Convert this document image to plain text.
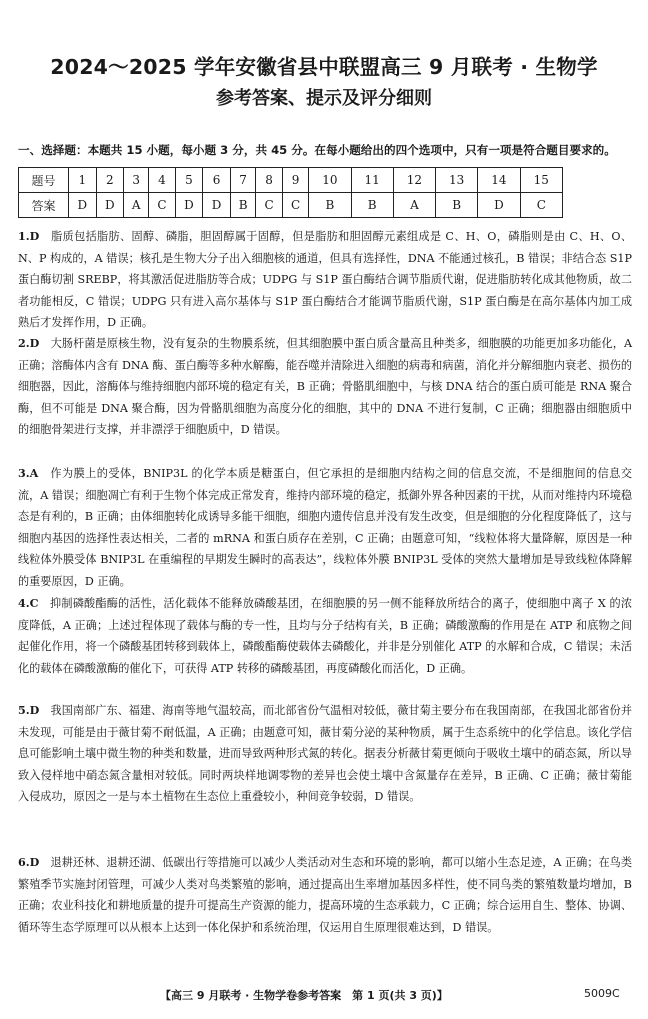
2024～2025 学年安徽省县中联盟高三 9 月联考 · 生物学
参考答案、提示及评分细则
一、选择题：本题共 15 小题，每小题 3 分，共 45 分。在每小题给出的四个选项中，只有一项是符合题目要求的。
题号	1	2	3	4	5	6	7	8	9	10	11	12	13	14	15
答案	D	D	A	C	D	D	B	C	C	B	B	A	B	D	C
1.D　 脂质包括脂肪、固醇、磷脂，胆固醇属于固醇，但是脂肪和胆固醇元素组成是 C、H、O，磷脂则是由 C、H、O、N、P 构成的，A 错误；核孔是生物大分子出入细胞核的通道，但具有选择性，DNA 不能通过核孔，B 错误；非结合态 S1P 蛋白酶切割 SREBP，将其激活促进脂肪等合成；UDPG 与 S1P 蛋白酶结合调节脂质代谢，促进脂肪转化成其他物质，故二者功能相反，C 错误；UDPG 只有进入高尔基体与 S1P 蛋白酶结合才能调节脂质代谢，S1P 蛋白酶是在高尔基体内加工成熟后才发挥作用，D 正确。
2.D　 大肠杆菌是原核生物，没有复杂的生物膜系统，但其细胞膜中蛋白质含量高且种类多，细胞膜的功能更加多功能化，A 正确；溶酶体内含有 DNA 酶、蛋白酶等多种水解酶，能吞噬并清除进入细胞的病毒和病菌，消化并分解细胞内衰老、损伤的细胞器，因此，溶酶体与维持细胞内部环境的稳定有关，B 正确；骨骼肌细胞中，与核 DNA 结合的蛋白质可能是 RNA 聚合酶，但不可能是 DNA 聚合酶，因为骨骼肌细胞为高度分化的细胞，其中的 DNA 不进行复制，C 正确；细胞器由细胞质中的细胞骨架进行支撑，并非漂浮于细胞质中，D 错误。
3.A　 作为膜上的受体，BNIP3L 的化学本质是糖蛋白，但它承担的是细胞内结构之间的信息交流，不是细胞间的信息交流，A 错误；细胞凋亡有利于生物个体完成正常发育，维持内部环境的稳定，抵御外界各种因素的干扰，从而对维持内环境稳态是有利的，B 正确；由体细胞转化成诱导多能干细胞，细胞内遗传信息并没有发生改变，但是细胞的分化程度降低了，这与细胞内基因的选择性表达相关，二者的 mRNA 和蛋白质存在差别，C 正确；由题意可知，“线粒体将大量降解，原因是一种线粒体外膜受体 BNIP3L 在重编程的早期发生瞬时的高表达”，线粒体外膜 BNIP3L 受体的突然大量增加是导致线粒体降解的重要原因，D 正确。
4.C　 抑制磷酸酯酶的活性，活化载体不能释放磷酸基团，在细胞膜的另一侧不能释放所结合的离子，使细胞中离子 X 的浓度降低，A 正确；上述过程体现了载体与酶的专一性，且均与分子结构有关，B 正确；磷酸激酶的作用是在 ATP 和底物之间起催化作用，将一个磷酸基团转移到载体上，磷酸酯酶使载体去磷酸化，并非是分别催化 ATP 的水解和合成，C 错误；未活化的载体在磷酸激酶的催化下，可获得 ATP 转移的磷酸基团，再度磷酸化而活化，D 正确。
5.D　 我国南部广东、福建、海南等地气温较高，而北部省份气温相对较低，薇甘菊主要分布在我国南部，在我国北部省份并未发现，可能是由于薇甘菊不耐低温，A 正确；由题意可知，薇甘菊分泌的某种物质，属于生态系统中的化学信息。该化学信息可能影响土壤中微生物的种类和数量，进而导致两种形式氮的转化。据表分析薇甘菊更倾向于吸收土壤中的硝态氮，所以导致入侵样地中硝态氮含量相对较低。同时两块样地调零物的差异也会使土壤中含氮量存在差异，B 正确、C 正确；薇甘菊能入侵成功，原因之一是与本土植物在生态位上重叠较小，种间竞争较弱，D 错误。
6.D　 退耕还林、退耕还湖、低碳出行等措施可以减少人类活动对生态和环境的影响，都可以缩小生态足迹，A 正确；在鸟类繁殖季节实施封闭管理，可减少人类对鸟类繁殖的影响，通过提高出生率增加基因多样性，使不同鸟类的繁殖数量均增加，B 正确；农业科技化和耕地质量的提升可提高生产资源的能力，提高环境的生态承载力，C 正确；综合运用自生、整体、协调、循环等生态学原理可以从根本上达到一体化保护和系统治理，仅运用自生原理很难达到，D 错误。
【高三 9 月联考 · 生物学卷参考答案　第 1 页(共 3 页)】	5009C
